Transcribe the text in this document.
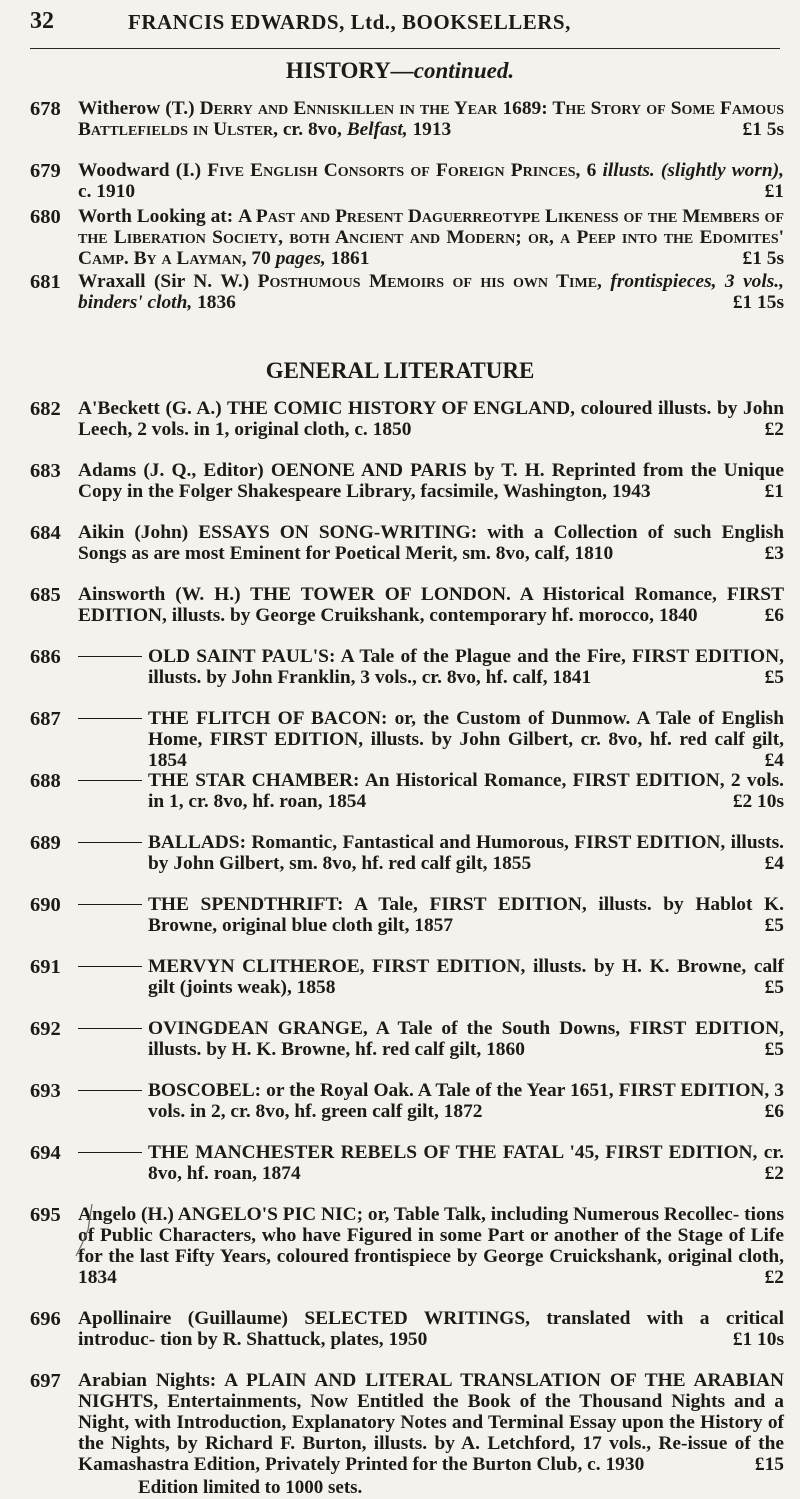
32	FRANCIS EDWARDS, Ltd., BOOKSELLERS,
HISTORY—continued.
678 Witherow (T.) Derry and Enniskillen in the Year 1689: The Story of Some Famous Battlefields in Ulster, cr. 8vo, Belfast, 1913	£1 5s
679 Woodward (I.) Five English Consorts of Foreign Princes, 6 illusts. (slightly worn), c. 1910	£1
680 Worth Looking at: A Past and Present Daguerreotype Likeness of the Members of the Liberation Society, both Ancient and Modern; or, a Peep into the Edomites' Camp. By a Layman, 70 pages, 1861	£1 5s
681 Wraxall (Sir N. W.) Posthumous Memoirs of his own Time, frontispieces, 3 vols., binders' cloth, 1836	£1 15s
GENERAL LITERATURE
682 A'Beckett (G. A.) THE COMIC HISTORY OF ENGLAND, coloured illusts. by John Leech, 2 vols. in 1, original cloth, c. 1850	£2
683 Adams (J. Q., Editor) OENONE AND PARIS by T. H. Reprinted from the Unique Copy in the Folger Shakespeare Library, facsimile, Washington, 1943	£1
684 Aikin (John) ESSAYS ON SONG-WRITING: with a Collection of such English Songs as are most Eminent for Poetical Merit, sm. 8vo, calf, 1810	£3
685 Ainsworth (W. H.) THE TOWER OF LONDON. A Historical Romance, FIRST EDITION, illusts. by George Cruikshank, contemporary hf. morocco, 1840	£6
686	OLD SAINT PAUL'S: A Tale of the Plague and the Fire, FIRST EDITION, illusts. by John Franklin, 3 vols., cr. 8vo, hf. calf, 1841	£5
687	THE FLITCH OF BACON: or, the Custom of Dunmow. A Tale of English Home, FIRST EDITION, illusts. by John Gilbert, cr. 8vo, hf. red calf gilt, 1854	£4
688	THE STAR CHAMBER: An Historical Romance, FIRST EDITION, 2 vols. in 1, cr. 8vo, hf. roan, 1854	£2 10s
689	BALLADS: Romantic, Fantastical and Humorous, FIRST EDITION, illusts. by John Gilbert, sm. 8vo, hf. red calf gilt, 1855	£4
690	THE SPENDTHRIFT: A Tale, FIRST EDITION, illusts. by Hablot K. Browne, original blue cloth gilt, 1857	£5
691	MERVYN CLITHEROE, FIRST EDITION, illusts. by H. K. Browne, calf gilt (joints weak), 1858	£5
692	OVINGDEAN GRANGE, A Tale of the South Downs, FIRST EDITION, illusts. by H. K. Browne, hf. red calf gilt, 1860	£5
693	BOSCOBEL: or the Royal Oak. A Tale of the Year 1651, FIRST EDITION, 3 vols. in 2, cr. 8vo, hf. green calf gilt, 1872	£6
694	THE MANCHESTER REBELS OF THE FATAL '45, FIRST EDITION, cr. 8vo, hf. roan, 1874	£2
695 Angelo (H.) ANGELO'S PIC NIC; or, Table Talk, including Numerous Recollec- tions of Public Characters, who have Figured in some Part or another of the Stage of Life for the last Fifty Years, coloured frontispiece by George Cruickshank, original cloth, 1834	£2
696 Apollinaire (Guillaume) SELECTED WRITINGS, translated with a critical introduc- tion by R. Shattuck, plates, 1950	£1 10s
697 Arabian Nights: A PLAIN AND LITERAL TRANSLATION OF THE ARABIAN NIGHTS, Entertainments, Now Entitled the Book of the Thousand Nights and a Night, with Introduction, Explanatory Notes and Terminal Essay upon the History of the Nights, by Richard F. Burton, illusts. by A. Letchford, 17 vols., Re-issue of the Kamashastra Edition, Privately Printed for the Burton Club, c. 1930	£15
Edition limited to 1000 sets.
